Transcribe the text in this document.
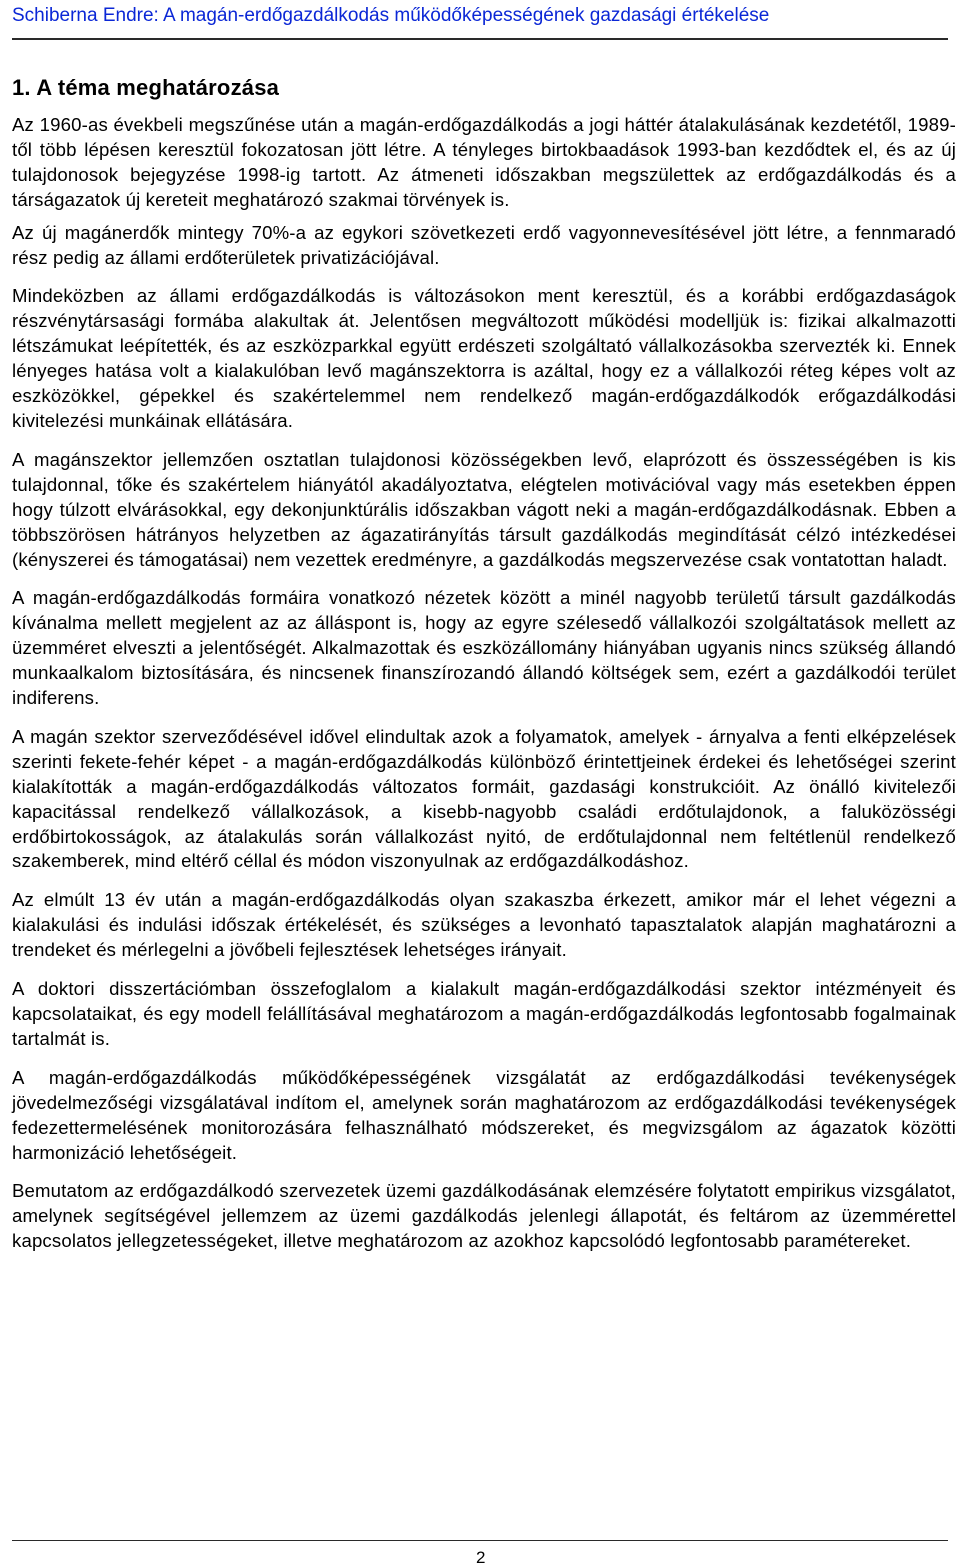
Schiberna Endre: A magán-erdőgazdálkodás működőképességének gazdasági értékelése
1. A téma meghatározása

Az 1960-as évekbeli megszűnése után a magán-erdőgazdálkodás a jogi háttér átalakulásának kezdetétől, 1989-től több lépésen keresztül fokozatosan jött létre. A tényleges birtokbaadások 1993-ban kezdődtek el, és az új tulajdonosok bejegyzése 1998-ig tartott. Az átmeneti időszakban megszülettek az erdőgazdálkodás és a társágazatok új kereteit meghatározó szakmai törvények is.

Az új magánerdők mintegy 70%-a az egykori szövetkezeti erdő vagyonnevesítésével jött létre, a fennmaradó rész pedig az állami erdőterületek privatizációjával.

Mindeközben az állami erdőgazdálkodás is változásokon ment keresztül, és a korábbi erdőgazdaságok részvénytársasági formába alakultak át. Jelentősen megváltozott működési modelljük is: fizikai alkalmazotti létszámukat leépítették, és az eszközparkkal együtt erdészeti szolgáltató vállalkozásokba szervezték ki. Ennek lényeges hatása volt a kialakulóban levő magánszektorra is azáltal, hogy ez a vállalkozói réteg képes volt az eszközökkel, gépekkel és szakértelemmel nem rendelkező magán-erdőgazdálkodók erőgazdálkodási kivitelezési munkáinak ellátására.

A magánszektor jellemzően osztatlan tulajdonosi közösségekben levő, elaprózott és összességében is kis tulajdonnal, tőke és szakértelem hiányától akadályoztatva, elégtelen motivációval vagy más esetekben éppen hogy túlzott elvárásokkal, egy dekonjunktúrális időszakban vágott neki a magán-erdőgazdálkodásnak. Ebben a többszörösen hátrányos helyzetben az ágazatirányítás társult gazdálkodás megindítását célzó intézkedései (kényszerei és támogatásai) nem vezettek eredményre, a gazdálkodás megszervezése csak vontatottan haladt.

A magán-erdőgazdálkodás formáira vonatkozó nézetek között a minél nagyobb területű társult gazdálkodás kívánalma mellett megjelent az az álláspont is, hogy az egyre szélesedő vállalkozói szolgáltatások mellett az üzemméret elveszti a jelentőségét. Alkalmazottak és eszközállomány hiányában ugyanis nincs szükség állandó munkaalkalom biztosítására, és nincsenek finanszírozandó állandó költségek sem, ezért a gazdálkodói terület indiferens.

A magán szektor szerveződésével idővel elindultak azok a folyamatok, amelyek - árnyalva a fenti elképzelések szerinti fekete-fehér képet - a magán-erdőgazdálkodás különböző érintettjeinek érdekei és lehetőségei szerint kialakították a magán-erdőgazdálkodás változatos formáit, gazdasági konstrukcióit. Az önálló kivitelezői kapacitással rendelkező vállalkozások, a kisebb-nagyobb családi erdőtulajdonok, a faluközösségi erdőbirtokosságok, az átalakulás során vállalkozást nyitó, de erdőtulajdonnal nem feltétlenül rendelkező szakemberek, mind eltérő céllal és módon viszonyulnak az erdőgazdálkodáshoz.

Az elmúlt 13 év után a magán-erdőgazdálkodás olyan szakaszba érkezett, amikor már el lehet végezni a kialakulási és indulási időszak értékelését, és szükséges a levonható tapasztalatok alapján maghatározni a trendeket és mérlegelni a jövőbeli fejlesztések lehetséges irányait.

A doktori disszertációmban összefoglalom a kialakult magán-erdőgazdálkodási szektor intézményeit és kapcsolataikat, és egy modell felállításával meghatározom a magán-erdőgazdálkodás legfontosabb fogalmainak tartalmát is.

A magán-erdőgazdálkodás működőképességének vizsgálatát az erdőgazdálkodási tevékenységek jövedelmezőségi vizsgálatával indítom el, amelynek során maghatározom az erdőgazdálkodási tevékenységek fedezettermelésének monitorozására felhasználható módszereket, és megvizsgálom az ágazatok közötti harmonizáció lehetőségeit.

Bemutatom az erdőgazdálkodó szervezetek üzemi gazdálkodásának elemzésére folytatott empirikus vizsgálatot, amelynek segítségével jellemzem az üzemi gazdálkodás jelenlegi állapotát, és feltárom az üzemmérettel kapcsolatos jellegzetességeket, illetve meghatározom az azokhoz kapcsolódó legfontosabb paramétereket.

2
